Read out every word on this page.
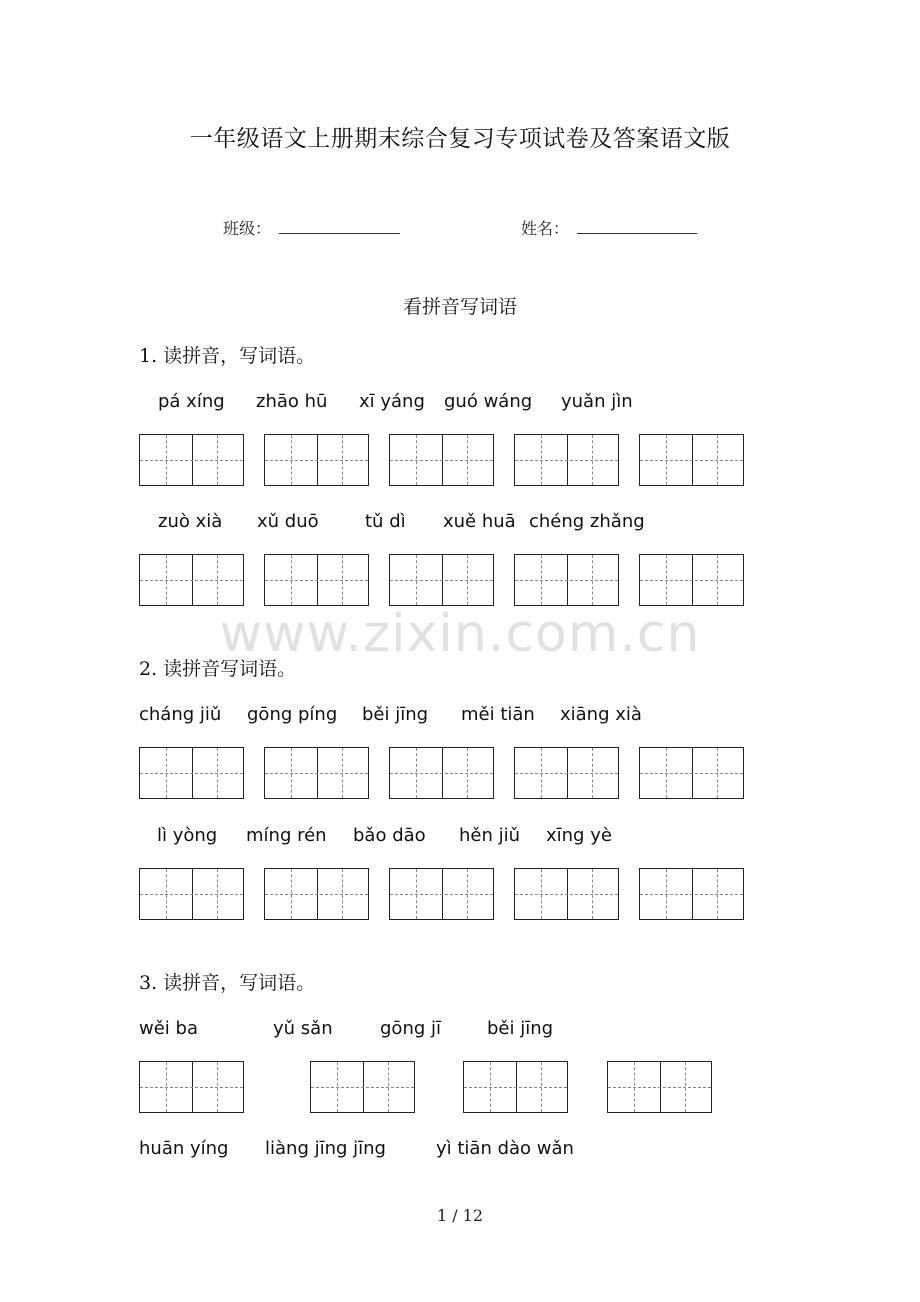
一年级语文上册期末综合复习专项试卷及答案语文版
班级：	姓名：
看拼音写词语
1. 读拼音，写词语。
pá xíng zhāo hū xī yáng guó wáng yuǎn jìn
zuò xià xǔ duō	tǔ dì xuě huā chéng zhǎng
www.zixin.com.cn
2. 读拼音写词语。
cháng jiǔ gōng píng běi jīng měi tiān xiāng xià
lì yòng míng rén bǎo dāo hěn jiǔ xīng yè
3. 读拼音，写词语。
wěi ba	yǔ sǎn	gōng jī	běi jīng
huān yíng liàng jīng jīng	yì tiān dào wǎn
1 / 12
